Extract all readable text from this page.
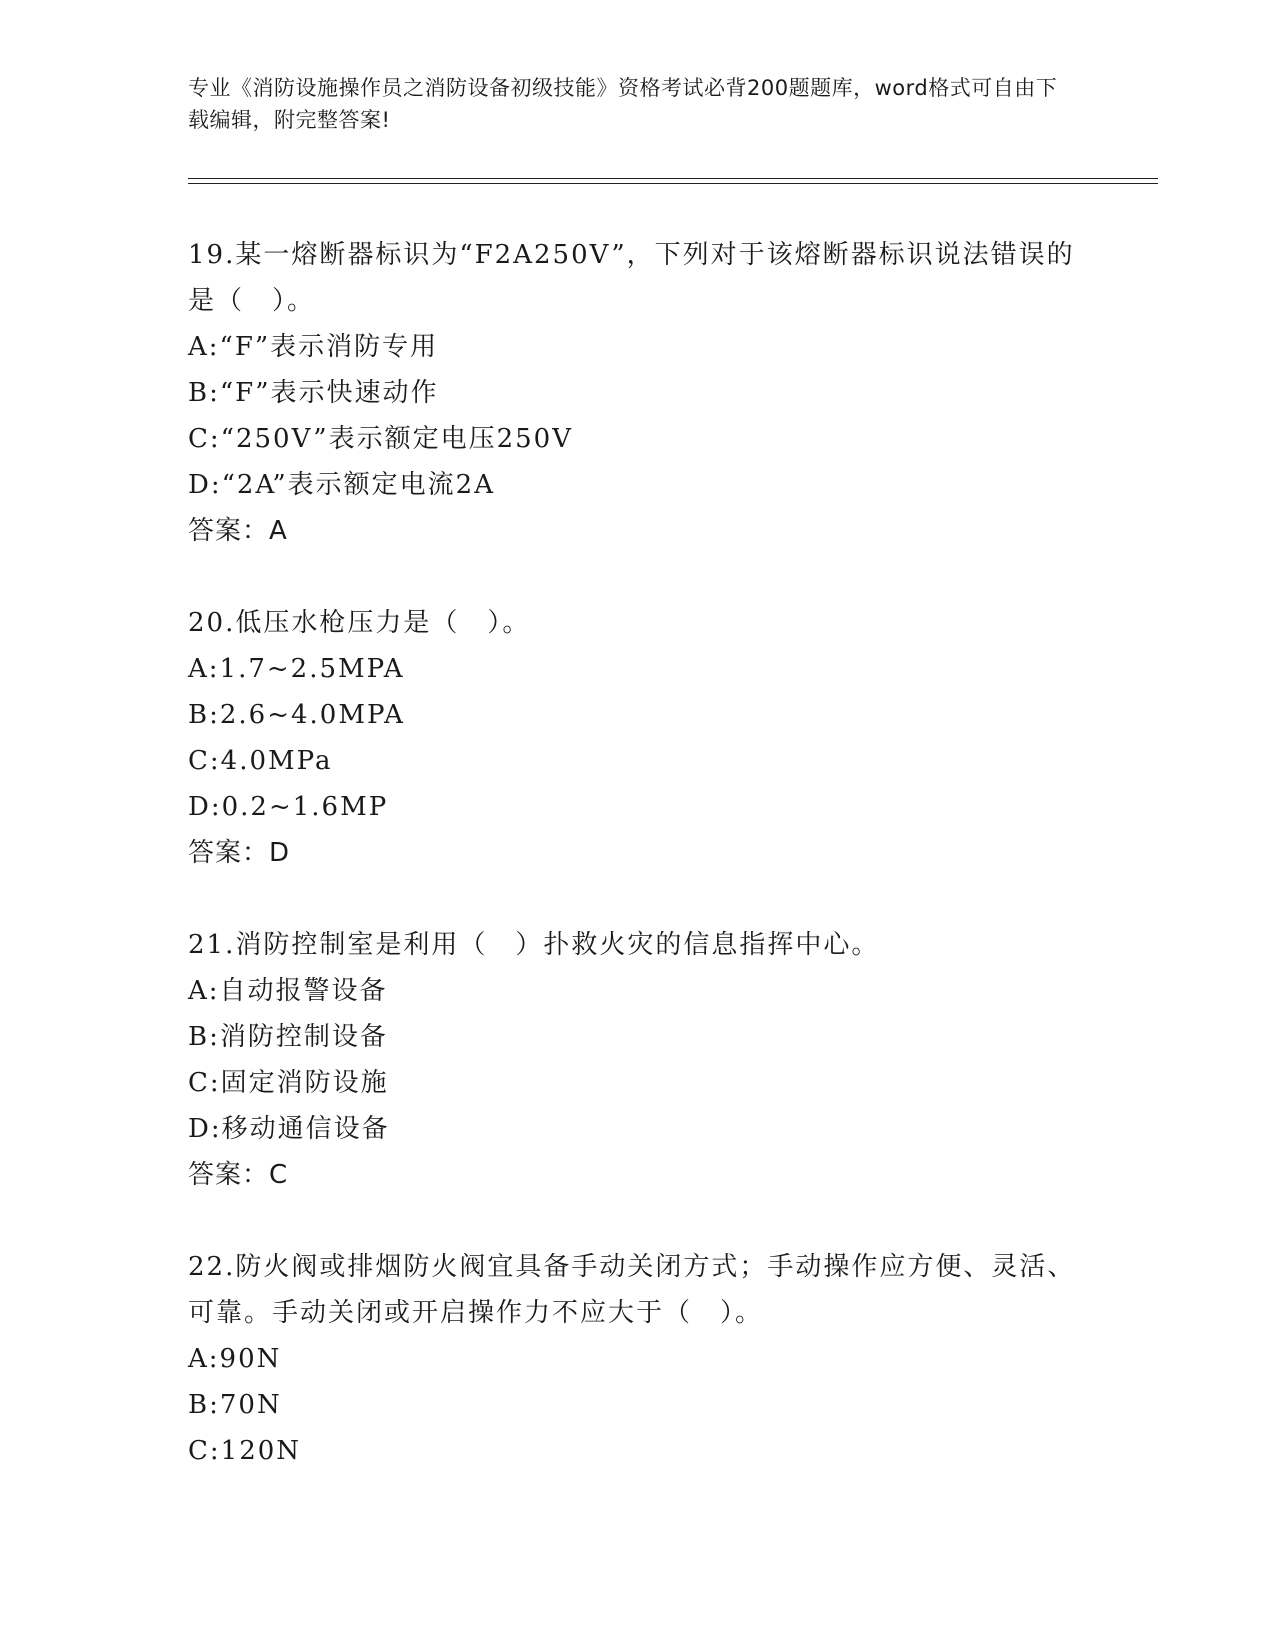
专业《消防设施操作员之消防设备初级技能》资格考试必背200题题库，word格式可自由下载编辑，附完整答案!

19.某一熔断器标识为“F2A250V”，下列对于该熔断器标识说法错误的是（　）。

A:“F”表示消防专用

B:“F”表示快速动作

C:“250V”表示额定电压250V

D:“2A”表示额定电流2A

答案：A

20.低压水枪压力是（　）。

A:1.7~2.5MPA

B:2.6~4.0MPA

C:4.0MPa

D:0.2~1.6MP

答案：D

21.消防控制室是利用（　）扑救火灾的信息指挥中心。

A:自动报警设备

B:消防控制设备

C:固定消防设施

D:移动通信设备

答案：C

22.防火阀或排烟防火阀宜具备手动关闭方式；手动操作应方便、灵活、可靠。手动关闭或开启操作力不应大于（　）。

A:90N

B:70N

C:120N
